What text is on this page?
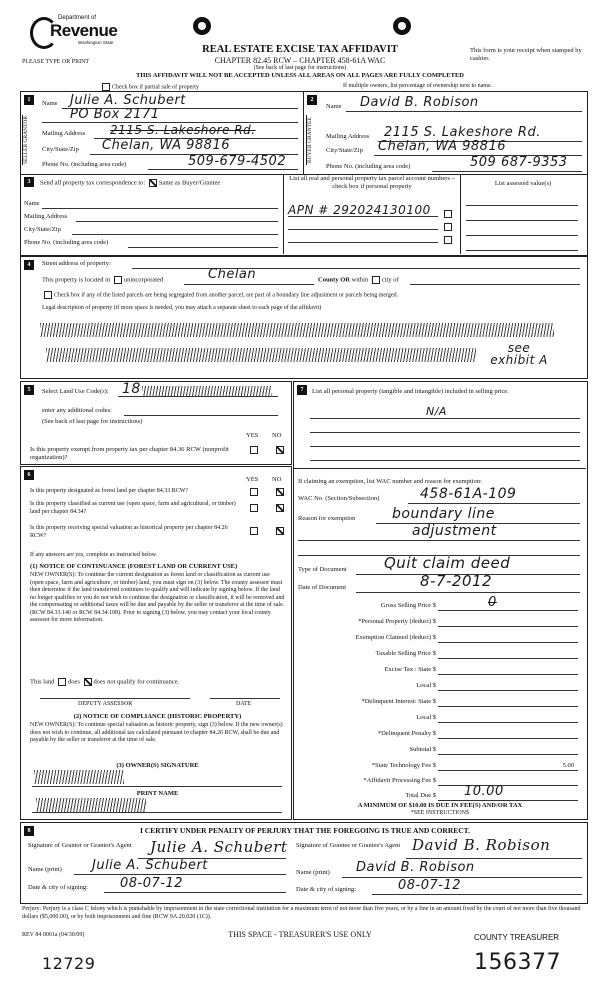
Department of
Revenue
Washington State
PLEASE TYPE OR PRINT
REAL ESTATE EXCISE TAX AFFIDAVIT
CHAPTER 82.45 RCW – CHAPTER 458-61A WAC
(See back of last page for instructions)
THIS AFFIDAVIT WILL NOT BE ACCEPTED UNLESS ALL AREAS ON ALL PAGES ARE FULLY COMPLETED
This form is your receipt when stamped by cashier.
Check box if partial sale of property	If multiple owners, list percentage of ownership next to name.
1
SELLER GRANTOR
Name Julie A. Schubert
PO Box 2171
Mailing Address 2115 S. Lakeshore Rd.
City/State/Zip Chelan, WA 98816
Phone No. (including area code)	509-679-4502
2
BUYER GRANTEE
Name David B. Robison
Mailing Address 2115 S. Lakeshore Rd.
City/State/Zip Chelan, WA 98816
Phone No. (including area code)	509 687-9353
3	Send all property tax correspondence to: Same as Buyer/Grantee
Name
Mailing Address
City/State/Zip
Phone No. (including area code)
List all real and personal property tax parcel account numbers – check box if personal property	List assessed value(s)
APN # 292024130100
4	Street address of property:
This property is located in unincorporated	Chelan	County OR within city of
Check box if any of the listed parcels are being segregated from another parcel, are part of a boundary line adjustment or parcels being merged.
Legal description of property (if more space is needed, you may attach a separate sheet to each page of the affidavit)
see exhibit A
5	Select Land Use Code(s): 18
enter any additional codes:
(See back of last page for instructions)
YES NO
Is this property exempt from property tax per chapter 84.36 RCW (nonprofit organization)?
6
YES NO
Is this property designated as forest land per chapter 84.33 RCW?
Is this property classified as current use (open space, farm and agricultural, or timber) land per chapter 84.34?
Is this property receiving special valuation as historical property per chapter 84.26 RCW?
If any answers are yes, complete as instructed below.
(1) NOTICE OF CONTINUANCE (FOREST LAND OR CURRENT USE)
NEW OWNER(S): To continue the current designation as forest land or classification as current use (open space, farm and agriculture, or timber) land, you must sign on (3) below. The county assessor must then determine if the land transferred continues to qualify and will indicate by signing below. If the land no longer qualifies or you do not wish to continue the designation or classification, it will be removed and the compensating or additional taxes will be due and payable by the seller or transferor at the time of sale. (RCW 84.33.140 or RCW 84.34.108). Prior to signing (3) below, you may contact your local county assessor for more information.
This land does does not qualify for continuance.
DEPUTY ASSESSOR	DATE
(2) NOTICE OF COMPLIANCE (HISTORIC PROPERTY)
NEW OWNER(S): To continue special valuation as historic property, sign (3) below. If the new owner(s) does not wish to continue, all additional tax calculated pursuant to chapter 84.26 RCW, shall be due and payable by the seller or transferor at the time of sale.
(3) OWNER(S) SIGNATURE
PRINT NAME
7	List all personal property (tangible and intangible) included in selling price.
N/A
If claiming an exemption, list WAC number and reason for exemption:
WAC No. (Section/Subsection)	458-61A-109
Reason for exemption	boundary line
adjustment
Type of Document Quit claim deed
Date of Document	8-7-2012
Gross Selling Price $	0
*Personal Property (deduct) $
Exemption Claimed (deduct) $
Taxable Selling Price $
Excise Tax : State $
Local $
*Delinquent Interest: State $
Local $
*Delinquent Penalty $
Subtotal $
*State Technology Fee $	5.00
*Affidavit Processing Fee $
Total Due $ 10.00
A MINIMUM OF $10.00 IS DUE IN FEE(S) AND/OR TAX
*SEE INSTRUCTIONS
8	I CERTIFY UNDER PENALTY OF PERJURY THAT THE FOREGOING IS TRUE AND CORRECT.
Signature of Grantor or Grantor's Agent	Julie A. Schubert
Name (print) Julie A. Schubert
Date & city of signing: 08-07-12
Signature of Grantee or Grantee's Agent David B. Robison
Name (print) David B. Robison
Date & city of signing:	08-07-12
Perjury: Perjury is a class C felony which is punishable by imprisonment in the state correctional institution for a maximum term of not more than five years, or by a fine in an amount fixed by the court of not more than five thousand dollars ($5,000.00), or by both imprisonment and fine (RCW 9A.20.020 (1C)).
REV 84 0001a (04/30/09)	THIS SPACE - TREASURER'S USE ONLY	COUNTY TREASURER
12729	156377
